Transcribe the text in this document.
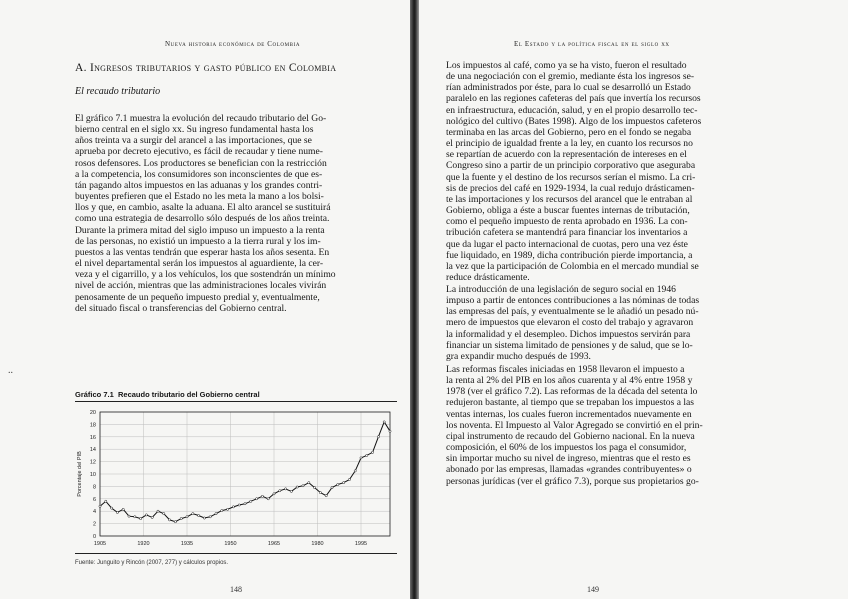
Nueva historia económica de Colombia
A. Ingresos tributarios y gasto público en Colombia
El recaudo tributario
El gráfico 7.1 muestra la evolución del recaudo tributario del Go-
bierno central en el siglo xx. Su ingreso fundamental hasta los
años treinta va a surgir del arancel a las importaciones, que se
aprueba por decreto ejecutivo, es fácil de recaudar y tiene nume-
rosos defensores. Los productores se benefician con la restricción
a la competencia, los consumidores son inconscientes de que es-
tán pagando altos impuestos en las aduanas y los grandes contri-
buyentes prefieren que el Estado no les meta la mano a los bolsi-
llos y que, en cambio, asalte la aduana. El alto arancel se sustituirá
como una estrategia de desarrollo sólo después de los años treinta.
Durante la primera mitad del siglo impuso un impuesto a la renta
de las personas, no existió un impuesto a la tierra rural y los im-
puestos a las ventas tendrán que esperar hasta los años sesenta. En
el nivel departamental serán los impuestos al aguardiente, la cer-
veza y el cigarrillo, y a los vehículos, los que sostendrán un mínimo
nivel de acción, mientras que las administraciones locales vivirán
penosamente de un pequeño impuesto predial y, eventualmente,
del situado fiscal o transferencias del Gobierno central.
..
Gráfico 7.1 Recaudo tributario del Gobierno central
0
2
4
6
8
10
12
14
16
18
20
1905	1920	1935	1950	1965	1980	1995
Porcentaje del PIB
Fuente: Junguito y Rincón (2007, 277) y cálculos propios.
148
El Estado y la política fiscal en el siglo xx
Los impuestos al café, como ya se ha visto, fueron el resultado
de una negociación con el gremio, mediante ésta los ingresos se-
rían administrados por éste, para lo cual se desarrolló un Estado
paralelo en las regiones cafeteras del país que invertía los recursos
en infraestructura, educación, salud, y en el propio desarrollo tec-
nológico del cultivo (Bates 1998). Algo de los impuestos cafeteros
terminaba en las arcas del Gobierno, pero en el fondo se negaba
el principio de igualdad frente a la ley, en cuanto los recursos no
se repartían de acuerdo con la representación de intereses en el
Congreso sino a partir de un principio corporativo que aseguraba
que la fuente y el destino de los recursos serían el mismo. La cri-
sis de precios del café en 1929-1934, la cual redujo drásticamen-
te las importaciones y los recursos del arancel que le entraban al
Gobierno, obliga a éste a buscar fuentes internas de tributación,
como el pequeño impuesto de renta aprobado en 1936. La con-
tribución cafetera se mantendrá para financiar los inventarios a
que da lugar el pacto internacional de cuotas, pero una vez éste
fue liquidado, en 1989, dicha contribución pierde importancia, a
la vez que la participación de Colombia en el mercado mundial se
reduce drásticamente.
La introducción de una legislación de seguro social en 1946
impuso a partir de entonces contribuciones a las nóminas de todas
las empresas del país, y eventualmente se le añadió un pesado nú-
mero de impuestos que elevaron el costo del trabajo y agravaron
la informalidad y el desempleo. Dichos impuestos servirán para
financiar un sistema limitado de pensiones y de salud, que se lo-
gra expandir mucho después de 1993.
Las reformas fiscales iniciadas en 1958 llevaron el impuesto a
la renta al 2% del PIB en los años cuarenta y al 4% entre 1958 y
1978 (ver el gráfico 7.2). Las reformas de la década del setenta lo
redujeron bastante, al tiempo que se trepaban los impuestos a las
ventas internas, los cuales fueron incrementados nuevamente en
los noventa. El Impuesto al Valor Agregado se convirtió en el prin-
cipal instrumento de recaudo del Gobierno nacional. En la nueva
composición, el 60% de los impuestos los paga el consumidor,
sin importar mucho su nivel de ingreso, mientras que el resto es
abonado por las empresas, llamadas «grandes contribuyentes» o
personas jurídicas (ver el gráfico 7.3), porque sus propietarios go-
149
